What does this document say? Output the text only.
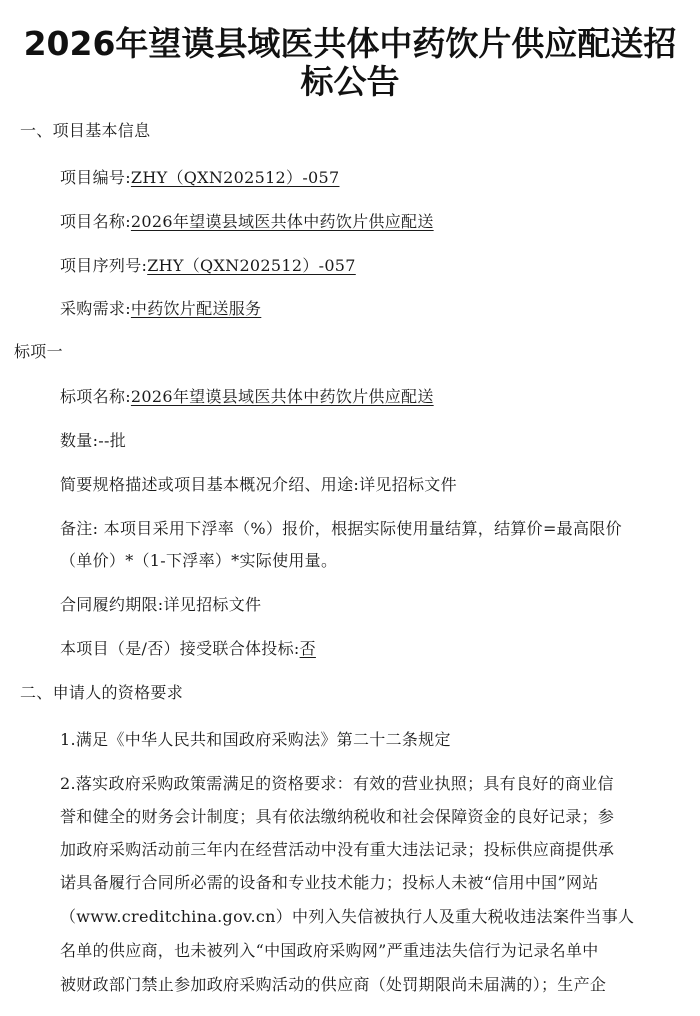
2026年望谟县域医共体中药饮片供应配送招
标公告
一、项目基本信息
项目编号:ZHY（QXN202512）-057
项目名称:2026年望谟县域医共体中药饮片供应配送
项目序列号:ZHY（QXN202512）-057
采购需求:中药饮片配送服务
标项一
标项名称:2026年望谟县域医共体中药饮片供应配送
数量:--批
简要规格描述或项目基本概况介绍、用途:详见招标文件
备注: 本项目采用下浮率（%）报价，根据实际使用量结算，结算价=最高限价
（单价）*（1-下浮率）*实际使用量。
合同履约期限:详见招标文件
本项目（是/否）接受联合体投标:否
二、申请人的资格要求
1.满足《中华人民共和国政府采购法》第二十二条规定
2.落实政府采购政策需满足的资格要求：有效的营业执照；具有良好的商业信
誉和健全的财务会计制度；具有依法缴纳税收和社会保障资金的良好记录；参
加政府采购活动前三年内在经营活动中没有重大违法记录；投标供应商提供承
诺具备履行合同所必需的设备和专业技术能力；投标人未被“信用中国”网站
（www.creditchina.gov.cn）中列入失信被执行人及重大税收违法案件当事人
名单的供应商，也未被列入“中国政府采购网”严重违法失信行为记录名单中
被财政部门禁止参加政府采购活动的供应商（处罚期限尚未届满的）；生产企
